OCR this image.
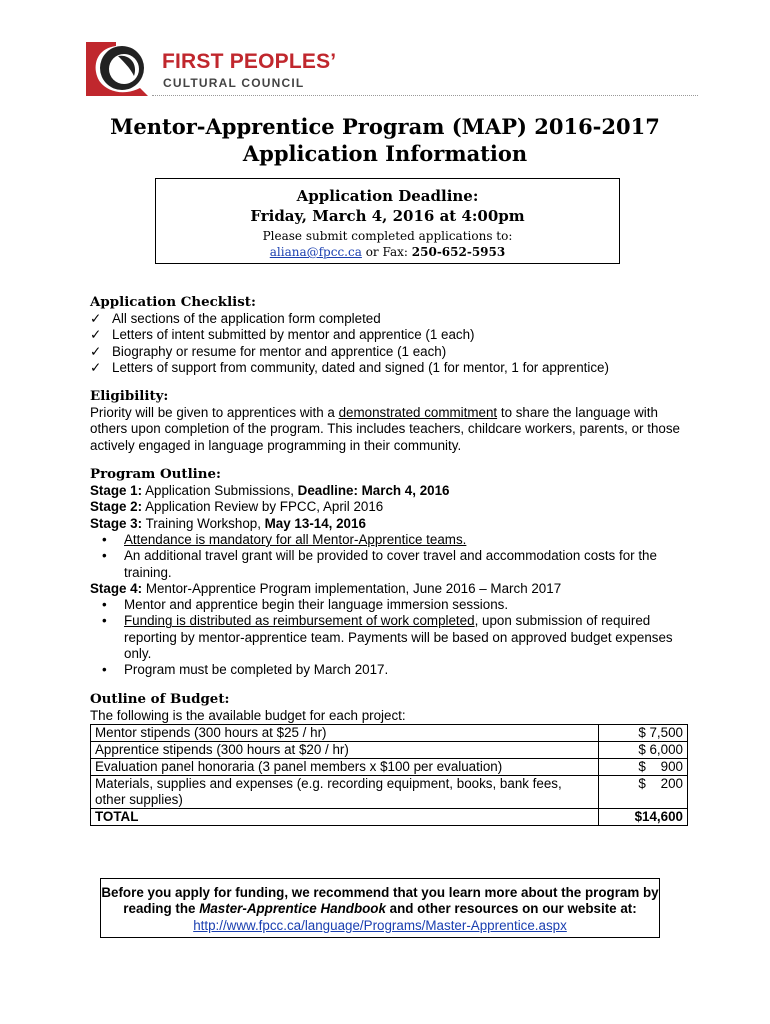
FIRST PEOPLES’
CULTURAL COUNCIL
Mentor-Apprentice Program (MAP) 2016-2017
Application Information
Application Deadline:
Friday, March 4, 2016 at 4:00pm
Please submit completed applications to:
aliana@fpcc.ca or Fax: 250-652-5953
Application Checklist:
✓ All sections of the application form completed
✓ Letters of intent submitted by mentor and apprentice (1 each)
✓ Biography or resume for mentor and apprentice (1 each)
✓ Letters of support from community, dated and signed (1 for mentor, 1 for apprentice)
Eligibility:

Priority will be given to apprentices with a demonstrated commitment to share the language with others upon completion of the program. This includes teachers, childcare workers, parents, or those actively engaged in language programming in their community.

Program Outline:
Stage 1: Application Submissions, Deadline: March 4, 2016
Stage 2: Application Review by FPCC, April 2016
Stage 3: Training Workshop, May 13-14, 2016
•	Attendance is mandatory for all Mentor-Apprentice teams.
•	An additional travel grant will be provided to cover travel and accommodation costs for the training.
Stage 4: Mentor-Apprentice Program implementation, June 2016 – March 2017
•	Mentor and apprentice begin their language immersion sessions.
•	Funding is distributed as reimbursement of work completed, upon submission of required reporting by mentor-apprentice team. Payments will be based on approved budget expenses only.
•	Program must be completed by March 2017.
Outline of Budget:
The following is the available budget for each project:
Mentor stipends (300 hours at $25 / hr)	$ 7,500
Apprentice stipends (300 hours at $20 / hr)	$ 6,000
Evaluation panel honoraria (3 panel members x $100 per evaluation)	$    900
Materials, supplies and expenses (e.g. recording equipment, books, bank fees, other supplies)	$    200
TOTAL	$14,600
Before you apply for funding, we recommend that you learn more about the program by reading the Master-Apprentice Handbook and other resources on our website at: http://www.fpcc.ca/language/Programs/Master-Apprentice.aspx
